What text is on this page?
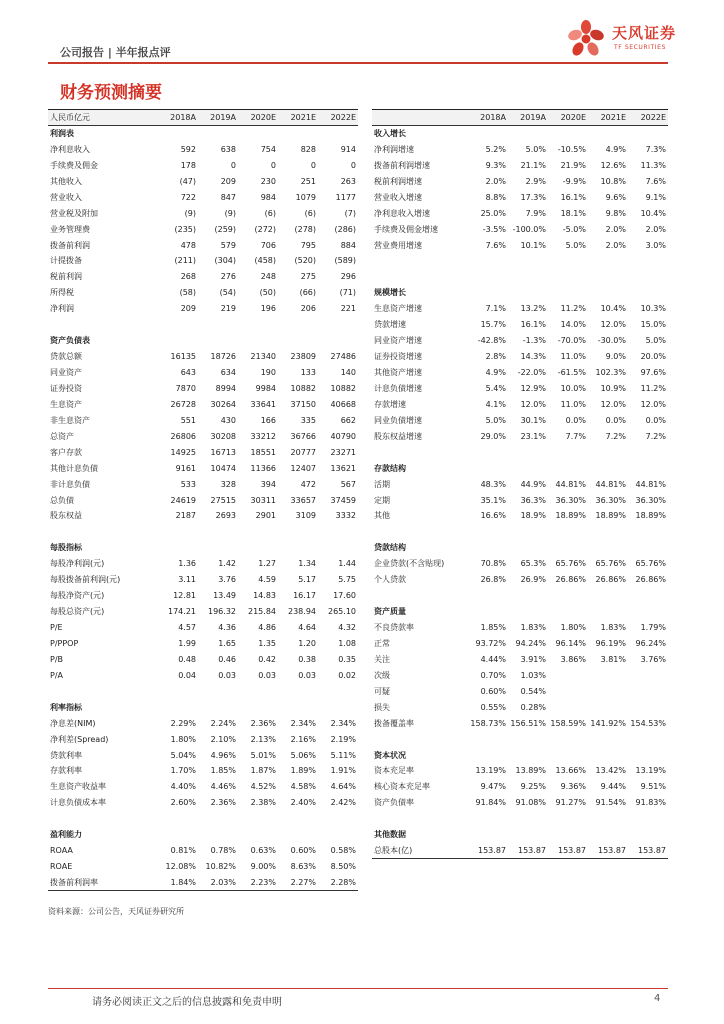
公司报告 | 半年报点评
天风证券
TF SECURITIES
财务预测摘要
人民币亿元	2018A	2019A	2020E	2021E	2022E
利润表					
净利息收入	592	638	754	828	914
手续费及佣金	178	0	0	0	0
其他收入	(47)	209	230	251	263
营业收入	722	847	984	1079	1177
营业税及附加	(9)	(9)	(6)	(6)	(7)
业务管理费	(235)	(259)	(272)	(278)	(286)
拨备前利润	478	579	706	795	884
计提拨备	(211)	(304)	(458)	(520)	(589)
税前利润	268	276	248	275	296
所得税	(58)	(54)	(50)	(66)	(71)
净利润	209	219	196	206	221

资产负债表					
贷款总额	16135	18726	21340	23809	27486
同业资产	643	634	190	133	140
证券投资	7870	8994	9984	10882	10882
生息资产	26728	30264	33641	37150	40668
非生息资产	551	430	166	335	662
总资产	26806	30208	33212	36766	40790
客户存款	14925	16713	18551	20777	23271
其他计息负债	9161	10474	11366	12407	13621
非计息负债	533	328	394	472	567
总负债	24619	27515	30311	33657	37459
股东权益	2187	2693	2901	3109	3332

每股指标					
每股净利润(元)	1.36	1.42	1.27	1.34	1.44
每股拨备前利润(元)	3.11	3.76	4.59	5.17	5.75
每股净资产(元)	12.81	13.49	14.83	16.17	17.60
每股总资产(元)	174.21	196.32	215.84	238.94	265.10
P/E	4.57	4.36	4.86	4.64	4.32
P/PPOP	1.99	1.65	1.35	1.20	1.08
P/B	0.48	0.46	0.42	0.38	0.35
P/A	0.04	0.03	0.03	0.03	0.02

利率指标					
净息差(NIM)	2.29%	2.24%	2.36%	2.34%	2.34%
净利差(Spread)	1.80%	2.10%	2.13%	2.16%	2.19%
贷款利率	5.04%	4.96%	5.01%	5.06%	5.11%
存款利率	1.70%	1.85%	1.87%	1.89%	1.91%
生息资产收益率	4.40%	4.46%	4.52%	4.58%	4.64%
计息负债成本率	2.60%	2.36%	2.38%	2.40%	2.42%

盈利能力					
ROAA	0.81%	0.78%	0.63%	0.60%	0.58%
ROAE	12.08%	10.82%	9.00%	8.63%	8.50%
拨备前利润率	1.84%	2.03%	2.23%	2.27%	2.28%
	2018A	2019A	2020E	2021E	2022E
收入增长					
净利润增速	5.2%	5.0%	-10.5%	4.9%	7.3%
拨备前利润增速	9.3%	21.1%	21.9%	12.6%	11.3%
税前利润增速	2.0%	2.9%	-9.9%	10.8%	7.6%
营业收入增速	8.8%	17.3%	16.1%	9.6%	9.1%
净利息收入增速	25.0%	7.9%	18.1%	9.8%	10.4%
手续费及佣金增速	-3.5%	-100.0%	-5.0%	2.0%	2.0%
营业费用增速	7.6%	10.1%	5.0%	2.0%	3.0%

规模增长					
生息资产增速	7.1%	13.2%	11.2%	10.4%	10.3%
贷款增速	15.7%	16.1%	14.0%	12.0%	15.0%
同业资产增速	-42.8%	-1.3%	-70.0%	-30.0%	5.0%
证券投资增速	2.8%	14.3%	11.0%	9.0%	20.0%
其他资产增速	4.9%	-22.0%	-61.5%	102.3%	97.6%
计息负债增速	5.4%	12.9%	10.0%	10.9%	11.2%
存款增速	4.1%	12.0%	11.0%	12.0%	12.0%
同业负债增速	5.0%	30.1%	0.0%	0.0%	0.0%
股东权益增速	29.0%	23.1%	7.7%	7.2%	7.2%

存款结构					
活期	48.3%	44.9%	44.81%	44.81%	44.81%
定期	35.1%	36.3%	36.30%	36.30%	36.30%
其他	16.6%	18.9%	18.89%	18.89%	18.89%

贷款结构					
企业贷款(不含贴现)	70.8%	65.3%	65.76%	65.76%	65.76%
个人贷款	26.8%	26.9%	26.86%	26.86%	26.86%

资产质量					
不良贷款率	1.85%	1.83%	1.80%	1.83%	1.79%
正常	93.72%	94.24%	96.14%	96.19%	96.24%
关注	4.44%	3.91%	3.86%	3.81%	3.76%
次级	0.70%	1.03%			
可疑	0.60%	0.54%			
损失	0.55%	0.28%			
拨备覆盖率	158.73%	156.51%	158.59%	141.92%	154.53%

资本状况					
资本充足率	13.19%	13.89%	13.66%	13.42%	13.19%
核心资本充足率	9.47%	9.25%	9.36%	9.44%	9.51%
资产负债率	91.84%	91.08%	91.27%	91.54%	91.83%

其他数据					
总股本(亿)	153.87	153.87	153.87	153.87	153.87
资料来源：公司公告，天风证券研究所
请务必阅读正文之后的信息披露和免责申明	4
